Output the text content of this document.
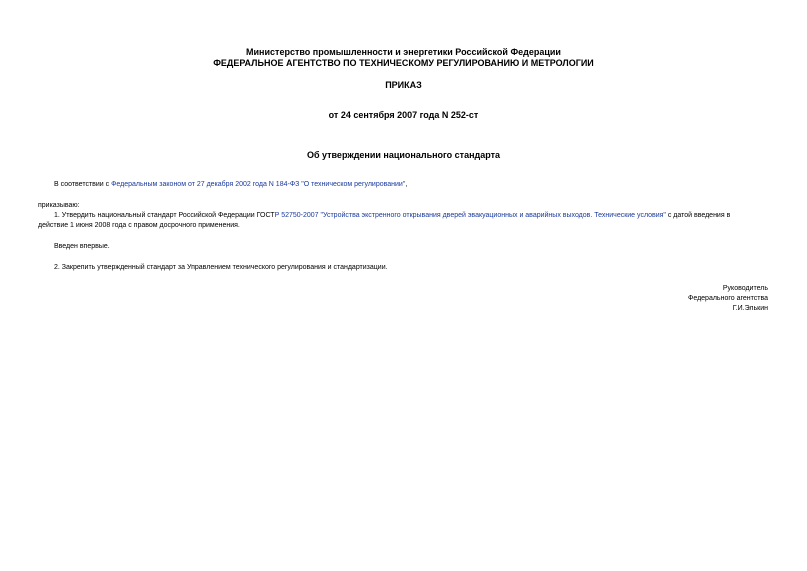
Министерство промышленности и энергетики Российской Федерации
ФЕДЕРАЛЬНОЕ АГЕНТСТВО ПО ТЕХНИЧЕСКОМУ РЕГУЛИРОВАНИЮ И МЕТРОЛОГИИ
ПРИКАЗ
от 24 сентября 2007 года N 252-ст
Об утверждении национального стандарта
В соответствии с Федеральным законом от 27 декабря 2002 года N 184-ФЗ "О техническом регулировании",
приказываю:
1. Утвердить национальный стандарт Российской Федерации ГОСТР 52750-2007 "Устройства экстренного открывания дверей эвакуационных и аварийных выходов. Технические условия" с датой введения в
действие 1 июня 2008 года с правом досрочного применения.
Введен впервые.
2. Закрепить утвержденный стандарт за Управлением технического регулирования и стандартизации.
Руководитель
Федерального агентства
Г.И.Элькин
